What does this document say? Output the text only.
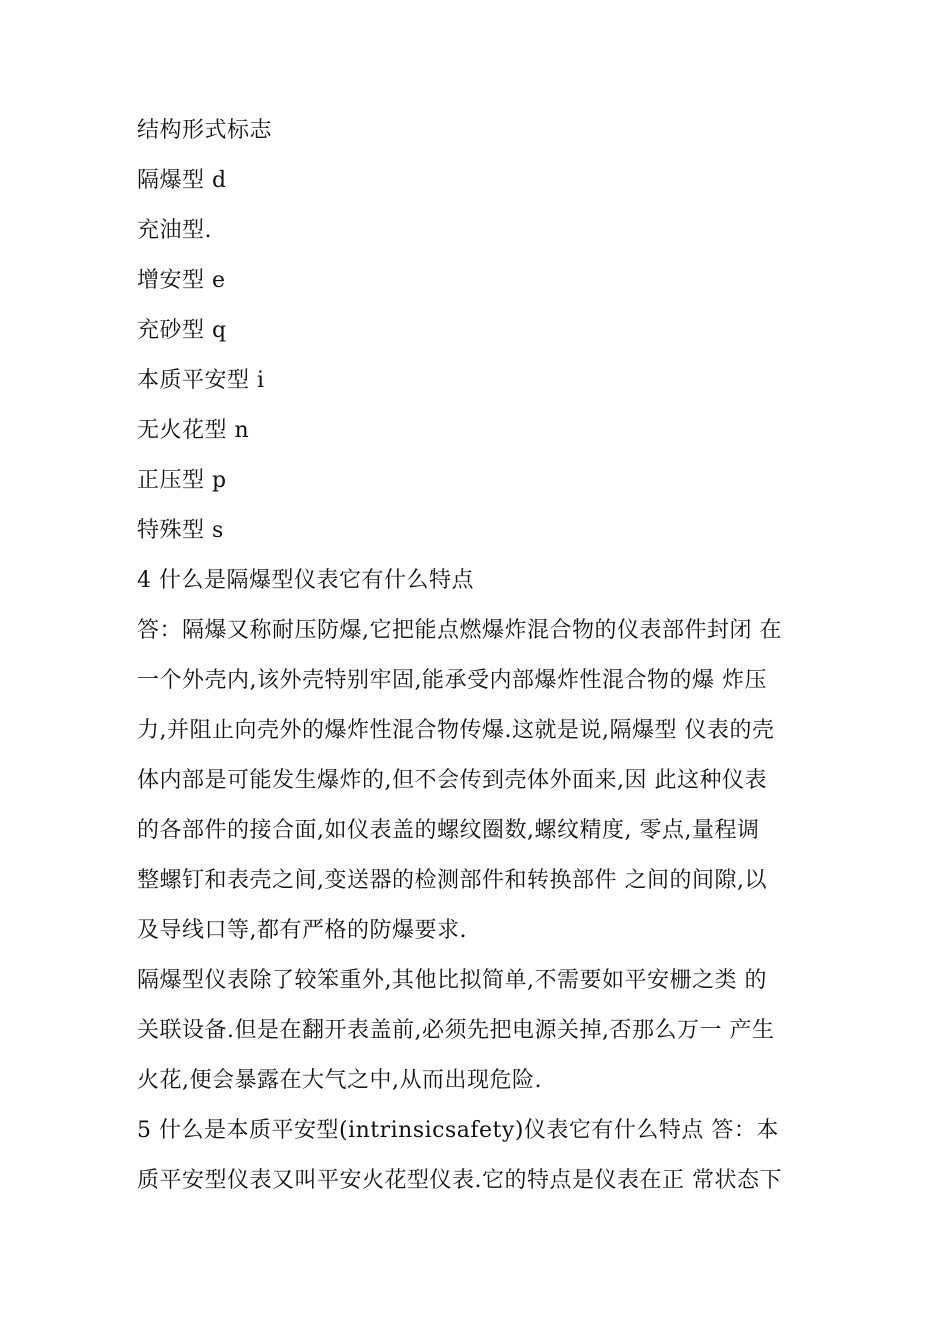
结构形式标志
隔爆型 d
充油型.
增安型 e
充砂型 q
本质平安型 i
无火花型 n
正压型 p
特殊型 s
4 什么是隔爆型仪表它有什么特点
答：隔爆又称耐压防爆,它把能点燃爆炸混合物的仪表部件封闭 在
一个外壳内,该外壳特别牢固,能承受内部爆炸性混合物的爆 炸压
力,并阻止向壳外的爆炸性混合物传爆.这就是说,隔爆型 仪表的壳
体内部是可能发生爆炸的,但不会传到壳体外面来,因 此这种仪表
的各部件的接合面,如仪表盖的螺纹圈数,螺纹精度, 零点,量程调
整螺钉和表壳之间,变送器的检测部件和转换部件 之间的间隙,以
及导线口等,都有严格的防爆要求.
隔爆型仪表除了较笨重外,其他比拟简单,不需要如平安栅之类 的
关联设备.但是在翻开表盖前,必须先把电源关掉,否那么万一 产生
火花,便会暴露在大气之中,从而出现危险.
5 什么是本质平安型(intrinsicsafety)仪表它有什么特点 答：本
质平安型仪表又叫平安火花型仪表.它的特点是仪表在正 常状态下
